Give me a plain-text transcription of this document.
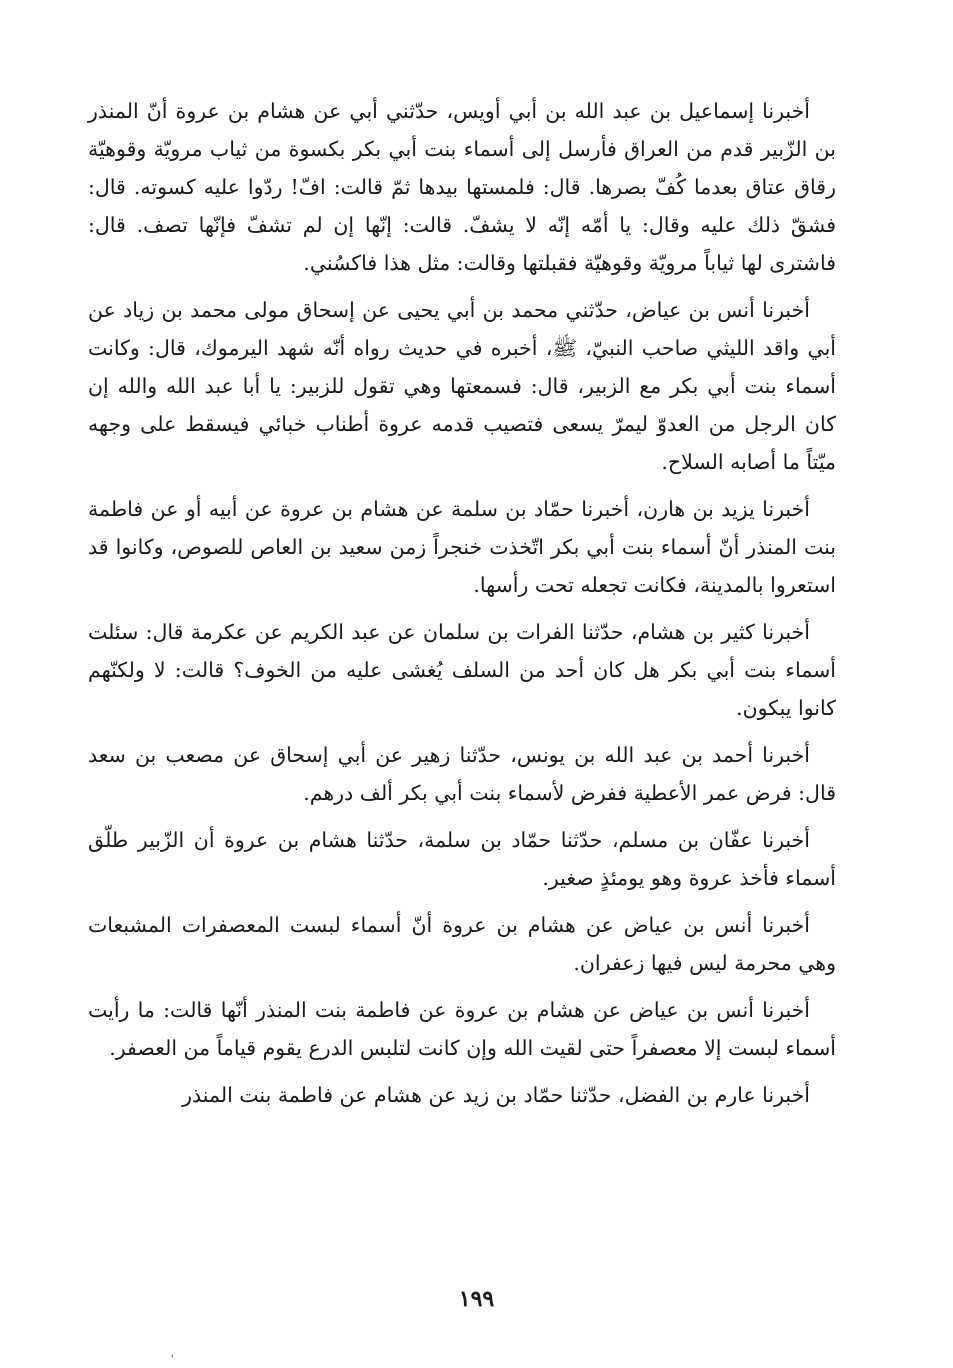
أخبرنا إسماعيل بن عبد الله بن أبي أويس، حدّثني أبي عن هشام بن عروة أنّ المنذر بن الزّبير قدم من العراق فأرسل إلى أسماء بنت أبي بكر بكسوة من ثياب مرويّة وقوهيّة رقاق عتاق بعدما كُفّ بصرها. قال: فلمستها بيدها ثمّ قالت: افّ! ردّوا عليه كسوته. قال: فشقّ ذلك عليه وقال: يا أمّه إنّه لا يشفّ. قالت: إنّها إن لم تشفّ فإنّها تصف. قال: فاشترى لها ثياباً مرويّة وقوهيّة فقبلتها وقالت: مثل هذا فاكسُني.

أخبرنا أنس بن عياض، حدّثني محمد بن أبي يحيى عن إسحاق مولى محمد بن زياد عن أبي واقد الليثي صاحب النبيّ، ﷺ، أخبره في حديث رواه أنّه شهد اليرموك، قال: وكانت أسماء بنت أبي بكر مع الزبير، قال: فسمعتها وهي تقول للزبير: يا أبا عبد الله والله إن كان الرجل من العدوّ ليمرّ يسعى فتصيب قدمه عروة أطناب خبائي فيسقط على وجهه ميّتاً ما أصابه السلاح.

أخبرنا يزيد بن هارن، أخبرنا حمّاد بن سلمة عن هشام بن عروة عن أبيه أو عن فاطمة بنت المنذر أنّ أسماء بنت أبي بكر اتّخذت خنجراً زمن سعيد بن العاص للصوص، وكانوا قد استعروا بالمدينة، فكانت تجعله تحت رأسها.

أخبرنا كثير بن هشام، حدّثنا الفرات بن سلمان عن عبد الكريم عن عكرمة قال: سئلت أسماء بنت أبي بكر هل كان أحد من السلف يُغشى عليه من الخوف؟ قالت: لا ولكنّهم كانوا يبكون.

أخبرنا أحمد بن عبد الله بن يونس، حدّثنا زهير عن أبي إسحاق عن مصعب بن سعد قال: فرض عمر الأعطية ففرض لأسماء بنت أبي بكر ألف درهم.

أخبرنا عفّان بن مسلم، حدّثنا حمّاد بن سلمة، حدّثنا هشام بن عروة أن الزّبير طلّق أسماء فأخذ عروة وهو يومئذٍ صغير.

أخبرنا أنس بن عياض عن هشام بن عروة أنّ أسماء لبست المعصفرات المشبعات وهي محرمة ليس فيها زعفران.

أخبرنا أنس بن عياض عن هشام بن عروة عن فاطمة بنت المنذر أنّها قالت: ما رأيت أسماء لبست إلا معصفراً حتى لقيت الله وإن كانت لتلبس الدرع يقوم قياماً من العصفر.

أخبرنا عارم بن الفضل، حدّثنا حمّاد بن زيد عن هشام عن فاطمة بنت المنذر

١٩٩
